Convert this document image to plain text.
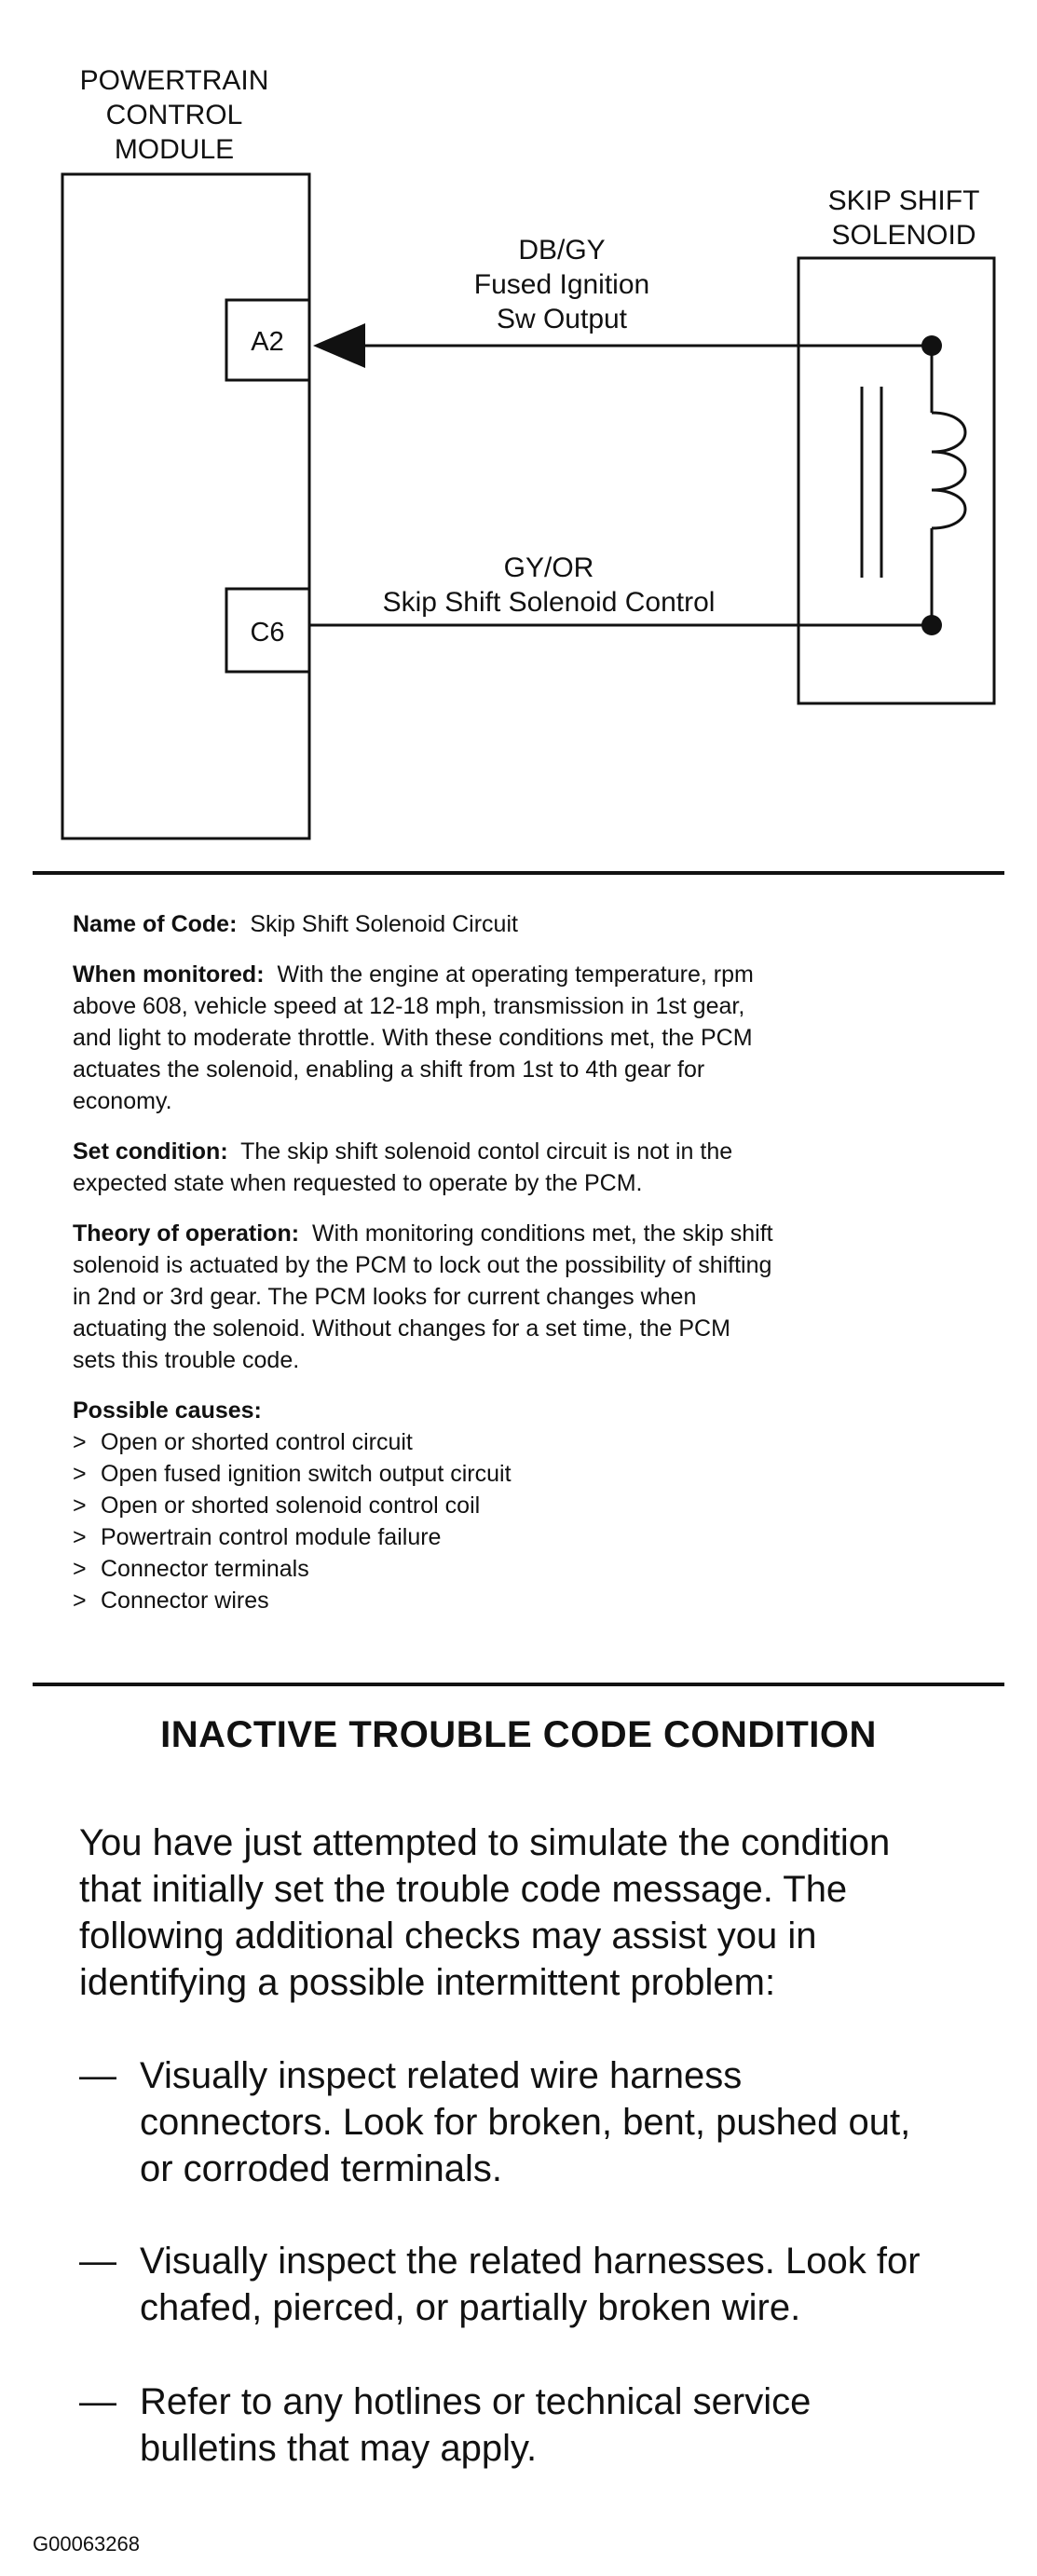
POWERTRAIN
CONTROL
MODULE
A2
C6
SKIP SHIFT
SOLENOID
DB/GY
Fused Ignition
Sw Output
GY/OR
Skip Shift Solenoid Control

Name of Code: Skip Shift Solenoid Circuit

When monitored: With the engine at operating temperature, rpm
above 608, vehicle speed at 12-18 mph, transmission in 1st gear,
and light to moderate throttle. With these conditions met, the PCM
actuates the solenoid, enabling a shift from 1st to 4th gear for
economy.

Set condition: The skip shift solenoid contol circuit is not in the
expected state when requested to operate by the PCM.

Theory of operation: With monitoring conditions met, the skip shift
solenoid is actuated by the PCM to lock out the possibility of shifting
in 2nd or 3rd gear. The PCM looks for current changes when
actuating the solenoid. Without changes for a set time, the PCM
sets this trouble code.

Possible causes:
> Open or shorted control circuit
> Open fused ignition switch output circuit
> Open or shorted solenoid control coil
> Powertrain control module failure
> Connector terminals
> Connector wires
INACTIVE TROUBLE CODE CONDITION

You have just attempted to simulate the condition
that initially set the trouble code message. The
following additional checks may assist you in
identifying a possible intermittent problem:

— Visually inspect related wire harness
connectors. Look for broken, bent, pushed out,
or corroded terminals.
— Visually inspect the related harnesses. Look for
chafed, pierced, or partially broken wire.
— Refer to any hotlines or technical service
bulletins that may apply.
G00063268
